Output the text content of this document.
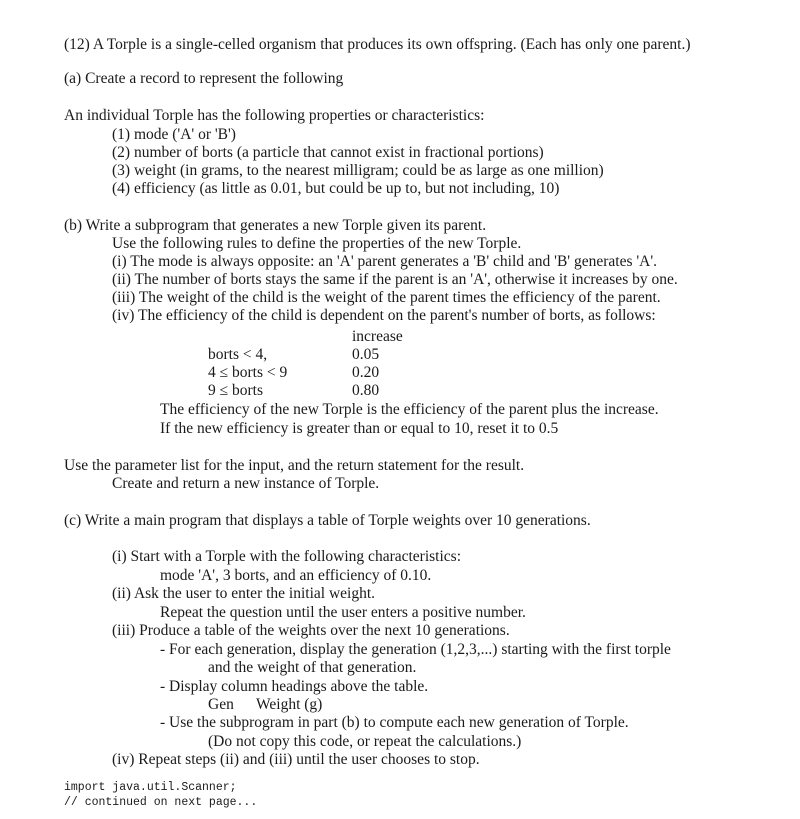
(12) A Torple is a single-celled organism that produces its own offspring. (Each has only one parent.)
(a) Create a record to represent the following
An individual Torple has the following properties or characteristics:
(1) mode ('A' or 'B')
(2) number of borts (a particle that cannot exist in fractional portions)
(3) weight (in grams, to the nearest milligram; could be as large as one million)
(4) efficiency (as little as 0.01, but could be up to, but not including, 10)
(b) Write a subprogram that generates a new Torple given its parent.
Use the following rules to define the properties of the new Torple.
(i) The mode is always opposite: an 'A' parent generates a 'B' child and 'B' generates 'A'.
(ii) The number of borts stays the same if the parent is an 'A', otherwise it increases by one.
(iii) The weight of the child is the weight of the parent times the efficiency of the parent.
(iv) The efficiency of the child is dependent on the parent's number of borts, as follows:
increase
borts < 4,	0.05
4 ≤ borts < 9	0.20
9 ≤ borts	0.80
The efficiency of the new Torple is the efficiency of the parent plus the increase.
If the new efficiency is greater than or equal to 10, reset it to 0.5
Use the parameter list for the input, and the return statement for the result.
Create and return a new instance of Torple.
(c) Write a main program that displays a table of Torple weights over 10 generations.
(i) Start with a Torple with the following characteristics:
mode 'A', 3 borts, and an efficiency of 0.10.
(ii) Ask the user to enter the initial weight.
Repeat the question until the user enters a positive number.
(iii) Produce a table of the weights over the next 10 generations.
- For each generation, display the generation (1,2,3,...) starting with the first torple
and the weight of that generation.
- Display column headings above the table.
Gen Weight (g)
- Use the subprogram in part (b) to compute each new generation of Torple.
(Do not copy this code, or repeat the calculations.)
(iv) Repeat steps (ii) and (iii) until the user chooses to stop.
import java.util.Scanner;
// continued on next page...
